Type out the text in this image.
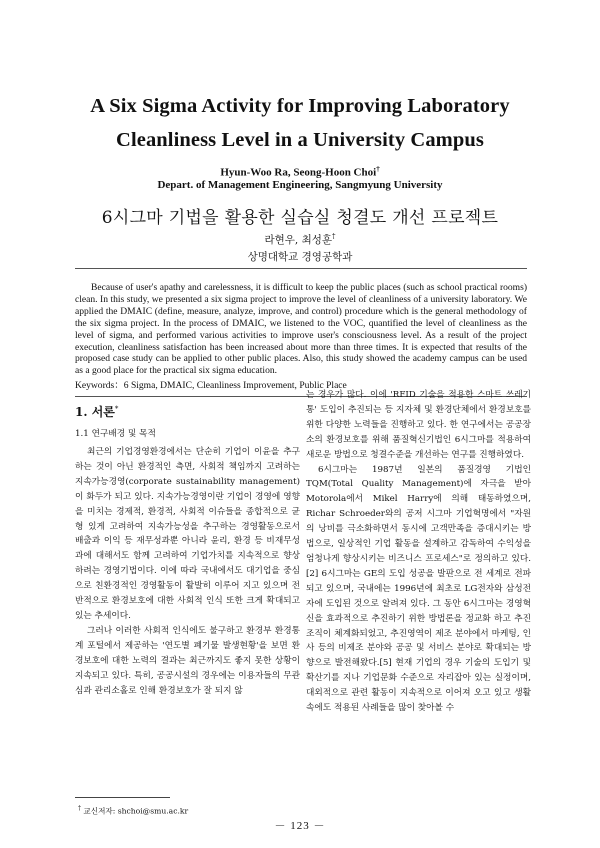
A Six Sigma Activity for Improving Laboratory
Cleanliness Level in a University Campus
Hyun-Woo Ra, Seong-Hoon Choi†
Depart. of Management Engineering, Sangmyung University
6시그마 기법을 활용한 실습실 청결도 개선 프로젝트
라현우, 최성훈†
상명대학교 경영공학과

Because of user's apathy and carelessness, it is difficult to keep the public places (such as school practical rooms) clean. In this study, we presented a six sigma project to improve the level of cleanliness of a university laboratory. We applied the DMAIC (define, measure, analyze, improve, and control) procedure which is the general methodology of the six sigma project. In the process of DMAIC, we listened to the VOC, quantified the level of cleanliness as the level of sigma, and performed various activities to improve user's consciousness level. As a result of the project execution, cleanliness satisfaction has been increased about more than three times. It is expected that results of the proposed case study can be applied to other public places. Also, this study showed the academy campus can be used as a good place for the practical six sigma education.

Keywords：6 Sigma, DMAIC, Cleanliness Improvement, Public Place
1. 서론*
1.1 연구배경 및 목적

최근의 기업경영환경에서는 단순히 기업이 이윤을 추구하는 것이 아닌 환경적인 측면, 사회적 책임까지 고려하는 지속가능경영(corporate sustainability management)이 화두가 되고 있다. 지속가능경영이란 기업이 경영에 영향을 미치는 경제적, 환경적, 사회적 이슈들을 종합적으로 균형 있게 고려하여 지속가능성을 추구하는 경영활동으로서 배출과 이익 등 재무성과뿐 아니라 윤리, 환경 등 비재무성과에 대해서도 함께 고려하여 기업가치를 지속적으로 향상하려는 경영기법이다. 이에 따라 국내에서도 대기업을 중심으로 친환경적인 경영활동이 활발히 이루어 지고 있으며 전반적으로 환경보호에 대한 사회적 인식 또한 크게 확대되고 있는 추세이다.

그러나 이러한 사회적 인식에도 불구하고 환경부 환경통계 포털에서 제공하는 '연도별 폐기물 발생현황'을 보면 환경보호에 대한 노력의 결과는 최근까지도 좋지 못한 상황이 지속되고 있다. 특히, 공공시설의 경우에는 이용자들의 무관심과 관리소홀로 인해 환경보호가 잘 되지 않

는 경우가 많다. 이에 'RFID 기술을 적용한 스마트 쓰레기통' 도입이 추진되는 등 지자체 및 환경단체에서 환경보호를 위한 다양한 노력들을 진행하고 있다. 한 연구에서는 공공장소의 환경보호를 위해 품질혁신기법인 6시그마를 적용하여 새로운 방법으로 청결수준을 개선하는 연구를 진행하였다.

6시그마는 1987년 일본의 품질경영 기법인 TQM(Total Quality Management)에 자극을 받아 Motorola에서 Mikel Harry에 의해 태동하였으며, Richar Schroeder와의 공저 시그마 기업혁명에서 "자원의 낭비를 극소화하면서 동시에 고객만족을 증대시키는 방법으로, 일상적인 기업 활동을 설계하고 감독하여 수익성을 엄청나게 향상시키는 비즈니스 프로세스"로 정의하고 있다.[2] 6시그마는 GE의 도입 성공을 발판으로 전 세계로 전파되고 있으며, 국내에는 1996년에 최초로 LG전자와 삼성전자에 도입된 것으로 알려져 있다. 그 동안 6시그마는 경영혁신을 효과적으로 추진하기 위한 방법론을 정교화 하고 추진조직이 체계화되었고, 추진영역이 제조 분야에서 마케팅, 인사 등의 비제조 분야와 공공 및 서비스 분야로 확대되는 방향으로 발전해왔다.[5] 현재 기업의 경우 기술의 도입기 및 확산기를 지나 기업문화 수준으로 자리잡아 있는 실정이며, 대외적으로 관련 활동이 지속적으로 이어져 오고 있고 생활 속에도 적용된 사례들을 많이 찾아볼 수

† 교신저자: shchoi@smu.ac.kr
－ 123 －
